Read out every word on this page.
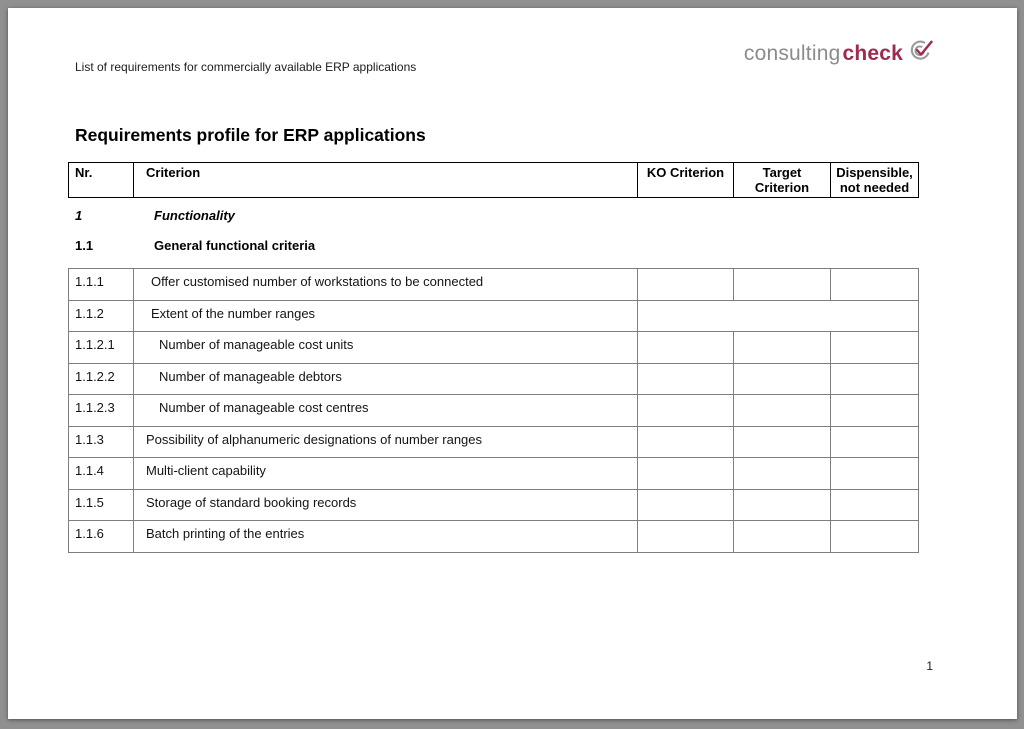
List of requirements for commercially available ERP applications
consulting check
Requirements profile for ERP applications
Nr.	Criterion	KO Criterion	Target Criterion	Dispensible, not needed
1	Functionality
1.1	General functional criteria
1.1.1	Offer customised number of workstations to be connected			
1.1.2	Extent of the number ranges			
1.1.2.1	Number of manageable cost units			
1.1.2.2	Number of manageable debtors			
1.1.2.3	Number of manageable cost centres			
1.1.3	Possibility of alphanumeric designations of number ranges			
1.1.4	Multi-client capability			
1.1.5	Storage of standard booking records			
1.1.6	Batch printing of the entries			
1
